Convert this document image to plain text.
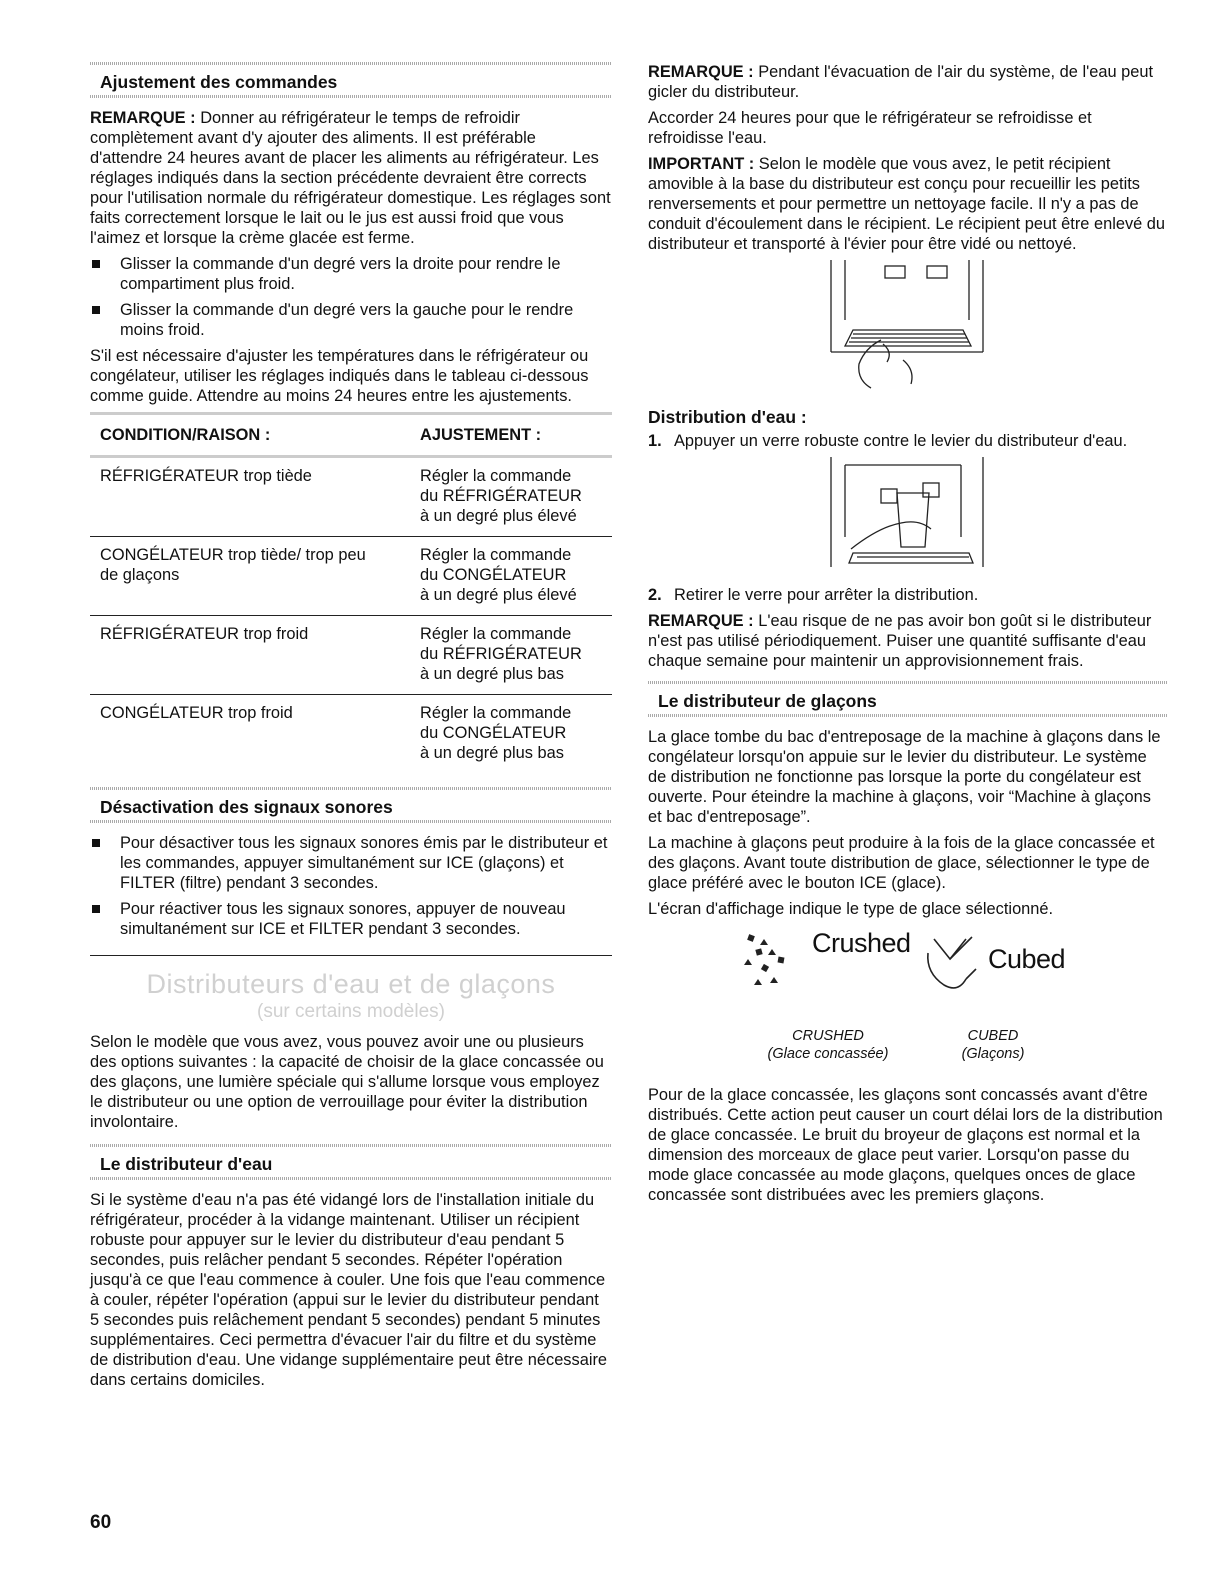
Ajustement des commandes

REMARQUE : Donner au réfrigérateur le temps de refroidir complètement avant d'y ajouter des aliments. Il est préférable d'attendre 24 heures avant de placer les aliments au réfrigérateur. Les réglages indiqués dans la section précédente devraient être corrects pour l'utilisation normale du réfrigérateur domestique. Les réglages sont faits correctement lorsque le lait ou le jus est aussi froid que vous l'aimez et lorsque la crème glacée est ferme.

Glisser la commande d'un degré vers la droite pour rendre le compartiment plus froid.
Glisser la commande d'un degré vers la gauche pour le rendre moins froid.

S'il est nécessaire d'ajuster les températures dans le réfrigérateur ou congélateur, utiliser les réglages indiqués dans le tableau ci-dessous comme guide. Attendre au moins 24 heures entre les ajustements.

CONDITION/RAISON :	AJUSTEMENT :
RÉFRIGÉRATEUR trop tiède	Régler la commande
du RÉFRIGÉRATEUR
à un degré plus élevé

CONGÉLATEUR trop tiède/ trop peu de glaçons	Régler la commande
du CONGÉLATEUR
à un degré plus élevé

RÉFRIGÉRATEUR trop froid	Régler la commande
du RÉFRIGÉRATEUR
à un degré plus bas

CONGÉLATEUR trop froid	Régler la commande
du CONGÉLATEUR
à un degré plus bas
Désactivation des signaux sonores
Pour désactiver tous les signaux sonores émis par le distributeur et les commandes, appuyer simultanément sur ICE (glaçons) et FILTER (filtre) pendant 3 secondes.
Pour réactiver tous les signaux sonores, appuyer de nouveau simultanément sur ICE et FILTER pendant 3 secondes.
Distributeurs d'eau et de glaçons
(sur certains modèles)

Selon le modèle que vous avez, vous pouvez avoir une ou plusieurs des options suivantes : la capacité de choisir de la glace concassée ou des glaçons, une lumière spéciale qui s'allume lorsque vous employez le distributeur ou une option de verrouillage pour éviter la distribution involontaire.

Le distributeur d'eau

Si le système d'eau n'a pas été vidangé lors de l'installation initiale du réfrigérateur, procéder à la vidange maintenant. Utiliser un récipient robuste pour appuyer sur le levier du distributeur d'eau pendant 5 secondes, puis relâcher pendant 5 secondes. Répéter l'opération jusqu'à ce que l'eau commence à couler. Une fois que l'eau commence à couler, répéter l'opération (appui sur le levier du distributeur pendant 5 secondes puis relâchement pendant 5 secondes) pendant 5 minutes supplémentaires. Ceci permettra d'évacuer l'air du filtre et du système de distribution d'eau. Une vidange supplémentaire peut être nécessaire dans certains domiciles.

REMARQUE : Pendant l'évacuation de l'air du système, de l'eau peut gicler du distributeur.

Accorder 24 heures pour que le réfrigérateur se refroidisse et refroidisse l'eau.

IMPORTANT : Selon le modèle que vous avez, le petit récipient amovible à la base du distributeur est conçu pour recueillir les petits renversements et pour permettre un nettoyage facile. Il n'y a pas de conduit d'écoulement dans le récipient. Le récipient peut être enlevé du distributeur et transporté à l'évier pour être vidé ou nettoyé.

Distribution d'eau :
1. Appuyer un verre robuste contre le levier du distributeur d'eau.
2. Retirer le verre pour arrêter la distribution.

REMARQUE : L'eau risque de ne pas avoir bon goût si le distributeur n'est pas utilisé périodiquement. Puiser une quantité suffisante d'eau chaque semaine pour maintenir un approvisionnement frais.

Le distributeur de glaçons

La glace tombe du bac d'entreposage de la machine à glaçons dans le congélateur lorsqu'on appuie sur le levier du distributeur. Le système de distribution ne fonctionne pas lorsque la porte du congélateur est ouverte. Pour éteindre la machine à glaçons, voir “Machine à glaçons et bac d'entreposage”.

La machine à glaçons peut produire à la fois de la glace concassée et des glaçons. Avant toute distribution de glace, sélectionner le type de glace préféré avec le bouton ICE (glace).

L'écran d'affichage indique le type de glace sélectionné.

Crushed
Cubed
CRUSHED
(Glace concassée)
CUBED
(Glaçons)

Pour de la glace concassée, les glaçons sont concassés avant d'être distribués. Cette action peut causer un court délai lors de la distribution de glace concassée. Le bruit du broyeur de glaçons est normal et la dimension des morceaux de glace peut varier. Lorsqu'on passe du mode glace concassée au mode glaçons, quelques onces de glace concassée sont distribuées avec les premiers glaçons.

60
